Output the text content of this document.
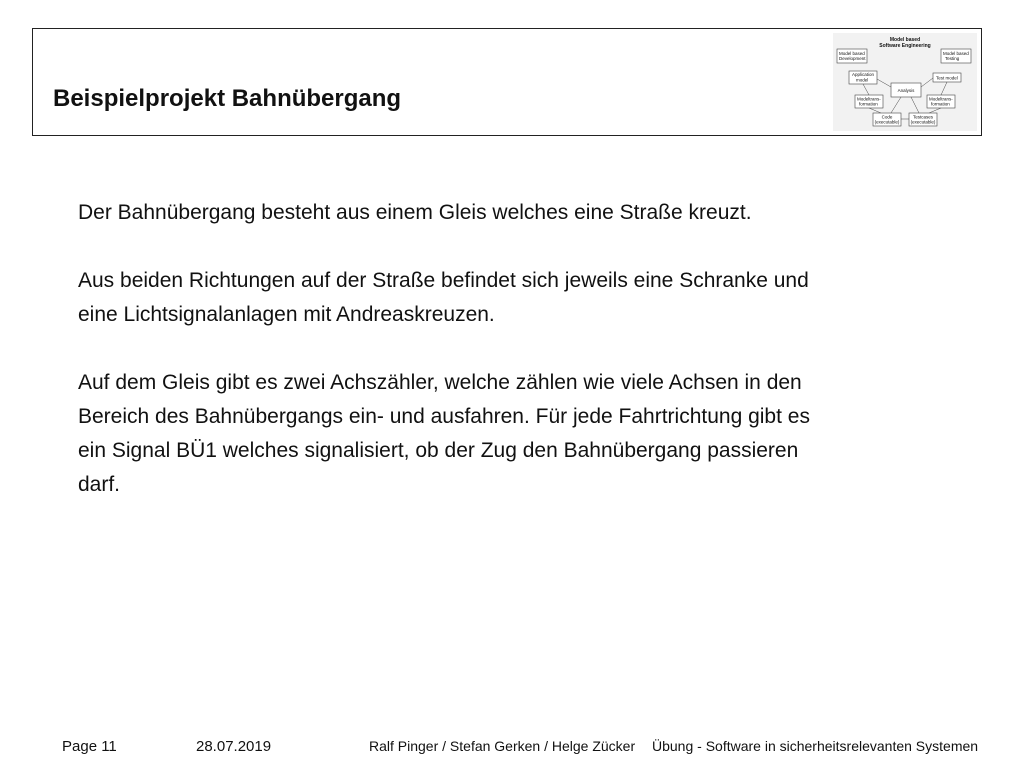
Beispielprojekt Bahnübergang
Model based
Software Engineering
Model based
Development
Model based
Testing
Application
model	Test model
Analysis
Modeltrans-
formation
Modeltrans-
formation
Code
(executable)
Testcases
(executable)

Der Bahnübergang besteht aus einem Gleis welches eine Straße kreuzt.

Aus beiden Richtungen auf der Straße befindet sich jeweils eine Schranke und
eine Lichtsignalanlagen mit Andreaskreuzen.

Auf dem Gleis gibt es zwei Achszähler, welche zählen wie viele Achsen in den
Bereich des Bahnübergangs ein- und ausfahren. Für jede Fahrtrichtung gibt es
ein Signal BÜ1 welches signalisiert, ob der Zug den Bahnübergang passieren
darf.

Page 11	28.07.2019	Ralf Pinger / Stefan Gerken / Helge Zücker Übung - Software in sicherheitsrelevanten Systemen
